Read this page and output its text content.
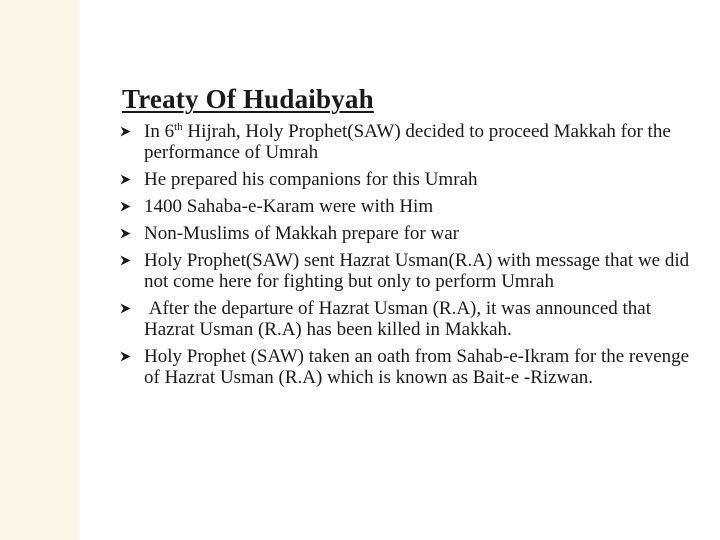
Treaty Of Hudaibyah
In 6th Hijrah, Holy Prophet(SAW) decided to proceed Makkah for the performance of Umrah
He prepared his companions for this Umrah
1400 Sahaba-e-Karam were with Him
Non-Muslims of Makkah prepare for war
Holy Prophet(SAW) sent Hazrat Usman(R.A) with message that we did not come here for fighting but only to perform Umrah
After the departure of Hazrat Usman (R.A), it was announced that Hazrat Usman (R.A) has been killed in Makkah.
Holy Prophet (SAW) taken an oath from Sahab-e-Ikram for the revenge of Hazrat Usman (R.A) which is known as Bait-e -Rizwan.
